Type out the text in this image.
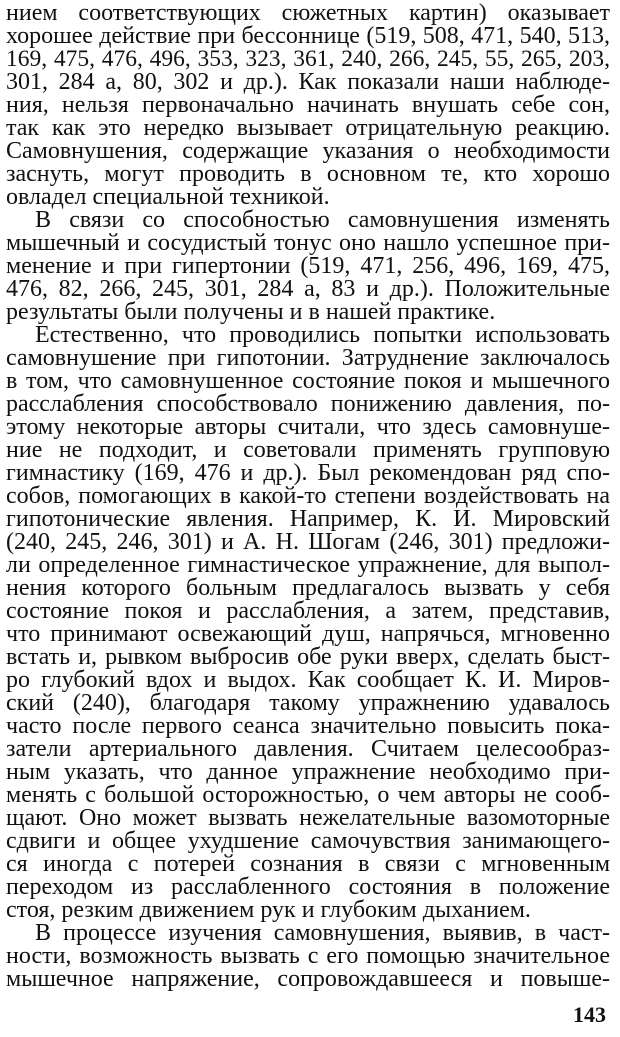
нием соответствующих сюжетных картин) оказывает
хорошее действие при бессоннице (519, 508, 471, 540, 513,
169, 475, 476, 496, 353, 323, 361, 240, 266, 245, 55, 265, 203,
301, 284 а, 80, 302 и др.). Как показали наши наблюде-
ния, нельзя первоначально начинать внушать себе сон,
так как это нередко вызывает отрицательную реакцию.
Самовнушения, содержащие указания о необходимости
заснуть, могут проводить в основном те, кто хорошо
овладел специальной техникой.
В связи со способностью самовнушения изменять
мышечный и сосудистый тонус оно нашло успешное при-
менение и при гипертонии (519, 471, 256, 496, 169, 475,
476, 82, 266, 245, 301, 284 а, 83 и др.). Положительные
результаты были получены и в нашей практике.
Естественно, что проводились попытки использовать
самовнушение при гипотонии. Затруднение заключалось
в том, что самовнушенное состояние покоя и мышечного
расслабления способствовало понижению давления, по-
этому некоторые авторы считали, что здесь самовнуше-
ние не подходит, и советовали применять групповую
гимнастику (169, 476 и др.). Был рекомендован ряд спо-
собов, помогающих в какой-то степени воздействовать на
гипотонические явления. Например, К. И. Мировский
(240, 245, 246, 301) и А. Н. Шогам (246, 301) предложи-
ли определенное гимнастическое упражнение, для выпол-
нения которого больным предлагалось вызвать у себя
состояние покоя и расслабления, а затем, представив,
что принимают освежающий душ, напрячься, мгновенно
встать и, рывком выбросив обе руки вверх, сделать быст-
ро глубокий вдох и выдох. Как сообщает К. И. Миров-
ский (240), благодаря такому упражнению удавалось
часто после первого сеанса значительно повысить пока-
затели артериального давления. Считаем целесообраз-
ным указать, что данное упражнение необходимо при-
менять с большой осторожностью, о чем авторы не сооб-
щают. Оно может вызвать нежелательные вазомоторные
сдвиги и общее ухудшение самочувствия занимающего-
ся иногда с потерей сознания в связи с мгновенным
переходом из расслабленного состояния в положение
стоя, резким движением рук и глубоким дыханием.
В процессе изучения самовнушения, выявив, в част-
ности, возможность вызвать с его помощью значительное
мышечное напряжение, сопровождавшееся и повыше-
143
